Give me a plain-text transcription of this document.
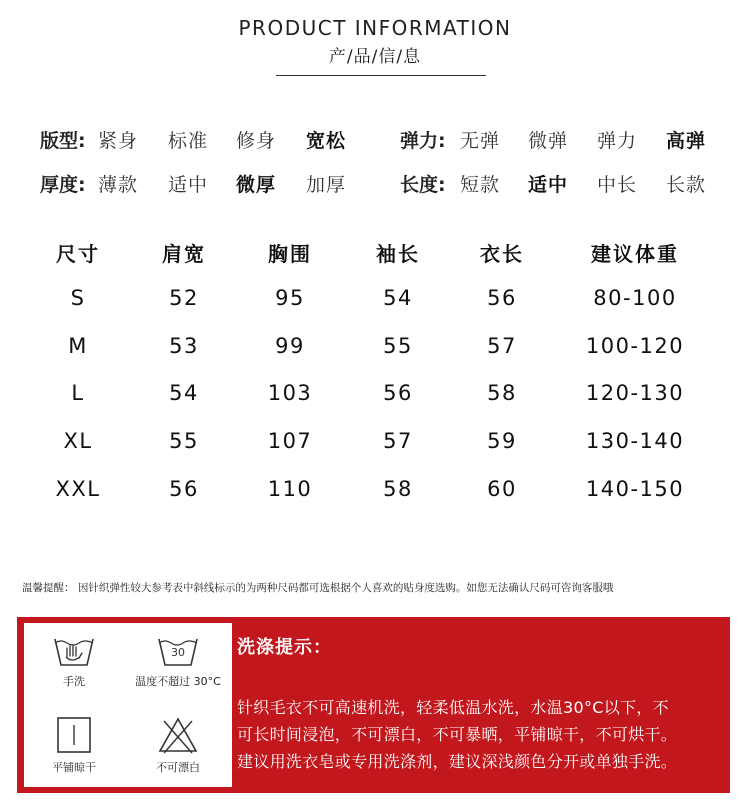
PRODUCT INFORMATION
产/品/信/息
版型: 紧身 标准 修身 宽松	弹力: 无弹 微弹 弹力 高弹
厚度: 薄款 适中 微厚 加厚	长度: 短款 适中 中长 长款
尺寸	肩宽	胸围	袖长	衣长	建议体重
S	52	95	54	56	80-100
M	53	99	55	57	100-120
L	54	103	56	58	120-130
XL	55	107	57	59	130-140
XXL	56	110	58	60	140-150
温馨提醒： 因针织弹性较大参考表中斜线标示的为两种尺码都可选根据个人喜欢的贴身度选购。如您无法确认尺码可咨询客服哦
手洗
30
温度不超过 30°C
平铺晾干	不可漂白
洗涤提示：
针织毛衣不可高速机洗，轻柔低温水洗，水温30°C以下，不
可长时间浸泡，不可漂白，不可暴晒，平铺晾干，不可烘干。
建议用洗衣皂或专用洗涤剂，建议深浅颜色分开或单独手洗。
